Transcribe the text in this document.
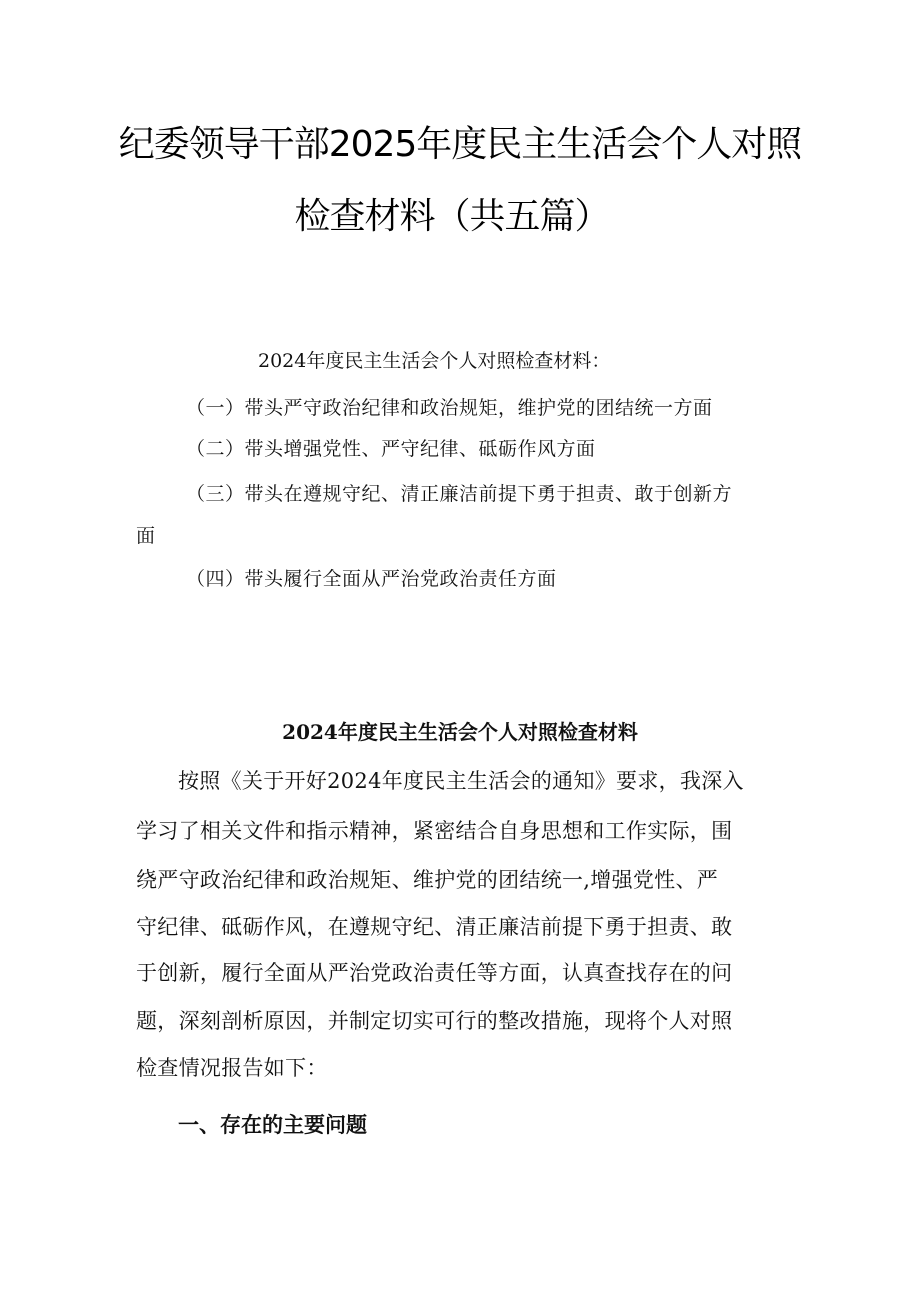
纪委领导干部2025年度民主生活会个人对照
检查材料（共五篇）
2024年度民主生活会个人对照检查材料：
（一）带头严守政治纪律和政治规矩，维护党的团结统一方面
（二）带头增强党性、严守纪律、砥砺作风方面
（三）带头在遵规守纪、清正廉洁前提下勇于担责、敢于创新方
面
（四）带头履行全面从严治党政治责任方面
2024年度民主生活会个人对照检查材料
按照《关于开好2024年度民主生活会的通知》要求，我深入
学习了相关文件和指示精神，紧密结合自身思想和工作实际，围
绕严守政治纪律和政治规矩、维护党的团结统一,增强党性、严
守纪律、砥砺作风，在遵规守纪、清正廉洁前提下勇于担责、敢
于创新，履行全面从严治党政治责任等方面，认真查找存在的问
题，深刻剖析原因，并制定切实可行的整改措施，现将个人对照
检查情况报告如下：
一、存在的主要问题
